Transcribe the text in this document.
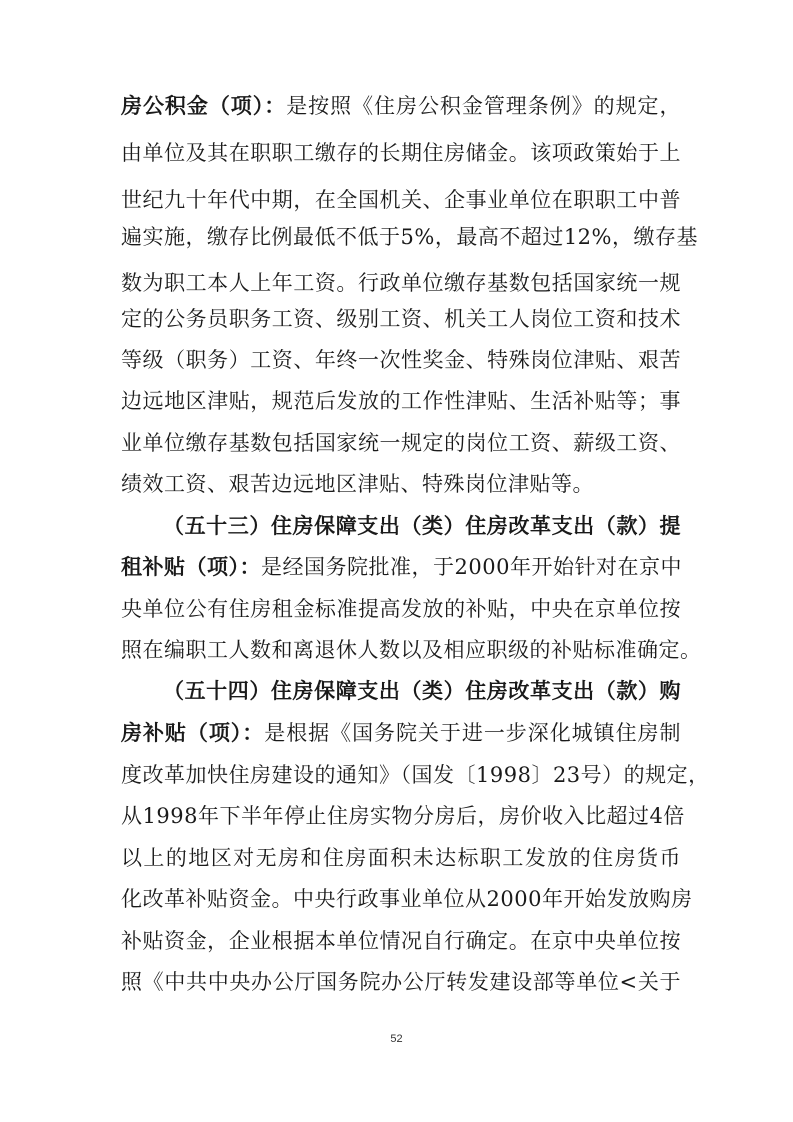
房公积金（项）：是按照《住房公积金管理条例》的规定，
由单位及其在职职工缴存的长期住房储金。该项政策始于上
世纪九十年代中期，在全国机关、企事业单位在职职工中普
遍实施，缴存比例最低不低于5%，最高不超过12%，缴存基
数为职工本人上年工资。行政单位缴存基数包括国家统一规
定的公务员职务工资、级别工资、机关工人岗位工资和技术
等级（职务）工资、年终一次性奖金、特殊岗位津贴、艰苦
边远地区津贴，规范后发放的工作性津贴、生活补贴等；事
业单位缴存基数包括国家统一规定的岗位工资、薪级工资、
绩效工资、艰苦边远地区津贴、特殊岗位津贴等。
（五十三）住房保障支出（类）住房改革支出（款）提
租补贴（项）：是经国务院批准，于2000年开始针对在京中
央单位公有住房租金标准提高发放的补贴，中央在京单位按
照在编职工人数和离退休人数以及相应职级的补贴标准确定。
（五十四）住房保障支出（类）住房改革支出（款）购
房补贴（项）：是根据《国务院关于进一步深化城镇住房制
度改革加快住房建设的通知》（国发〔1998〕23号）的规定，
从1998年下半年停止住房实物分房后，房价收入比超过4倍
以上的地区对无房和住房面积未达标职工发放的住房货币
化改革补贴资金。中央行政事业单位从2000年开始发放购房
补贴资金，企业根据本单位情况自行确定。在京中央单位按
照《中共中央办公厅国务院办公厅转发建设部等单位<关于
52
